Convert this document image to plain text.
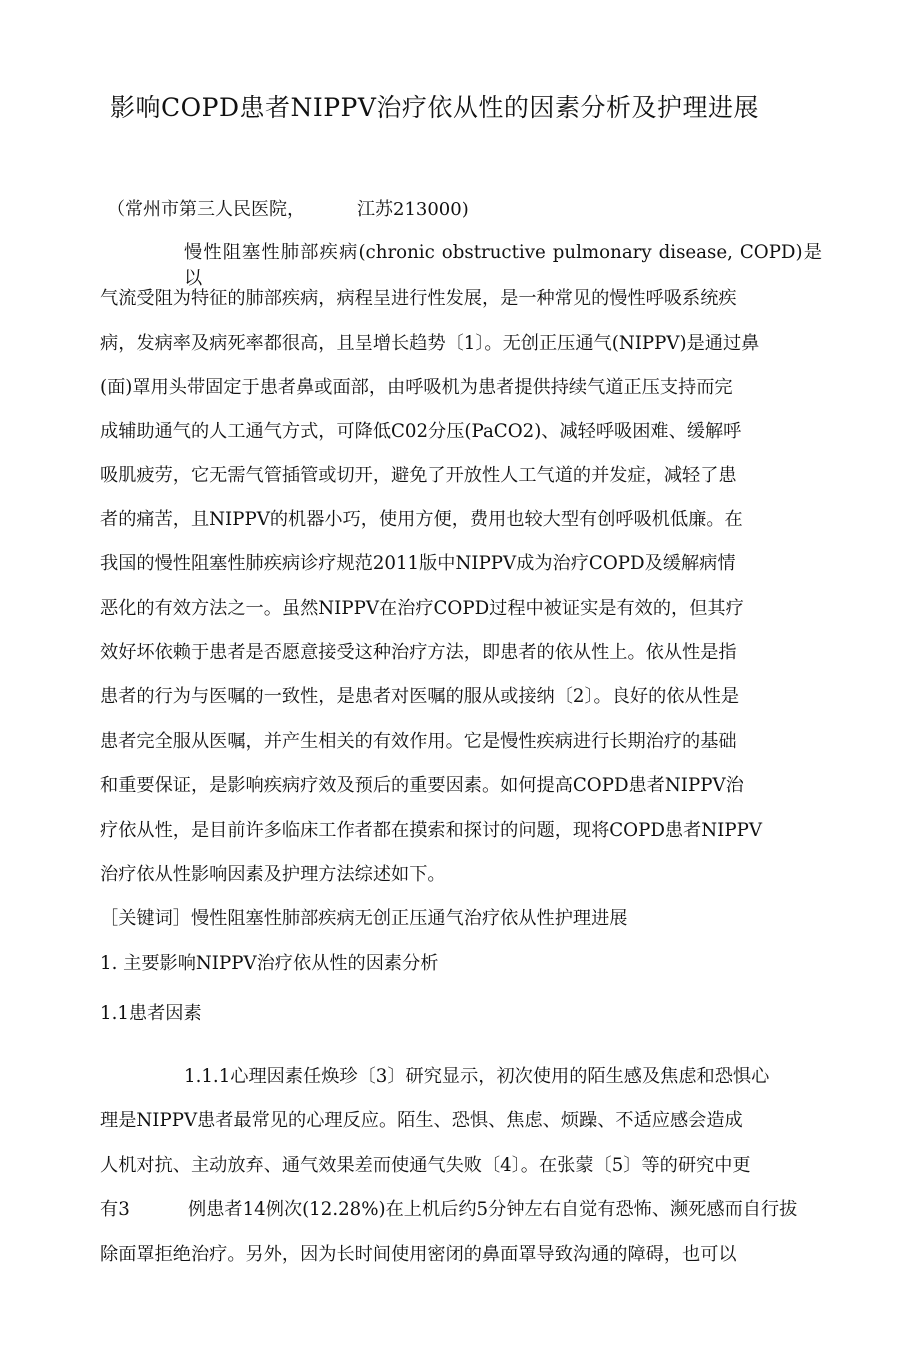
影响COPD患者NIPPV治疗依从性的因素分析及护理进展
（常州市第三人民医院，	江苏213000)
慢性阻塞性肺部疾病(chronic obstructive pulmonary disease, COPD)是以
气流受阻为特征的肺部疾病，病程呈进行性发展，是一种常见的慢性呼吸系统疾
病，发病率及病死率都很高，且呈增长趋势〔1〕。无创正压通气(NIPPV)是通过鼻
(面)罩用头带固定于患者鼻或面部，由呼吸机为患者提供持续气道正压支持而完
成辅助通气的人工通气方式，可降低C02分压(PaCO2)、减轻呼吸困难、缓解呼
吸肌疲劳，它无需气管插管或切开，避免了开放性人工气道的并发症，减轻了患
者的痛苦，且NIPPV的机器小巧，使用方便，费用也较大型有创呼吸机低廉。在
我国的慢性阻塞性肺疾病诊疗规范2011版中NIPPV成为治疗COPD及缓解病情
恶化的有效方法之一。虽然NIPPV在治疗COPD过程中被证实是有效的，但其疗
效好坏依赖于患者是否愿意接受这种治疗方法，即患者的依从性上。依从性是指
患者的行为与医嘱的一致性，是患者对医嘱的服从或接纳〔2〕。良好的依从性是
患者完全服从医嘱，并产生相关的有效作用。它是慢性疾病进行长期治疗的基础
和重要保证，是影响疾病疗效及预后的重要因素。如何提高COPD患者NIPPV治
疗依从性，是目前许多临床工作者都在摸索和探讨的问题，现将COPD患者NIPPV
治疗依从性影响因素及护理方法综述如下。
［关键词］慢性阻塞性肺部疾病无创正压通气治疗依从性护理进展
1. 主要影响NIPPV治疗依从性的因素分析
1.1患者因素
1.1.1心理因素任焕珍〔3〕研究显示，初次使用的陌生感及焦虑和恐惧心
理是NIPPV患者最常见的心理反应。陌生、恐惧、焦虑、烦躁、不适应感会造成
人机对抗、主动放弃、通气效果差而使通气失败〔4〕。在张蒙〔5〕等的研究中更
有3	例患者14例次(12.28%)在上机后约5分钟左右自觉有恐怖、濒死感而自行拔
除面罩拒绝治疗。另外，因为长时间使用密闭的鼻面罩导致沟通的障碍，也可以
